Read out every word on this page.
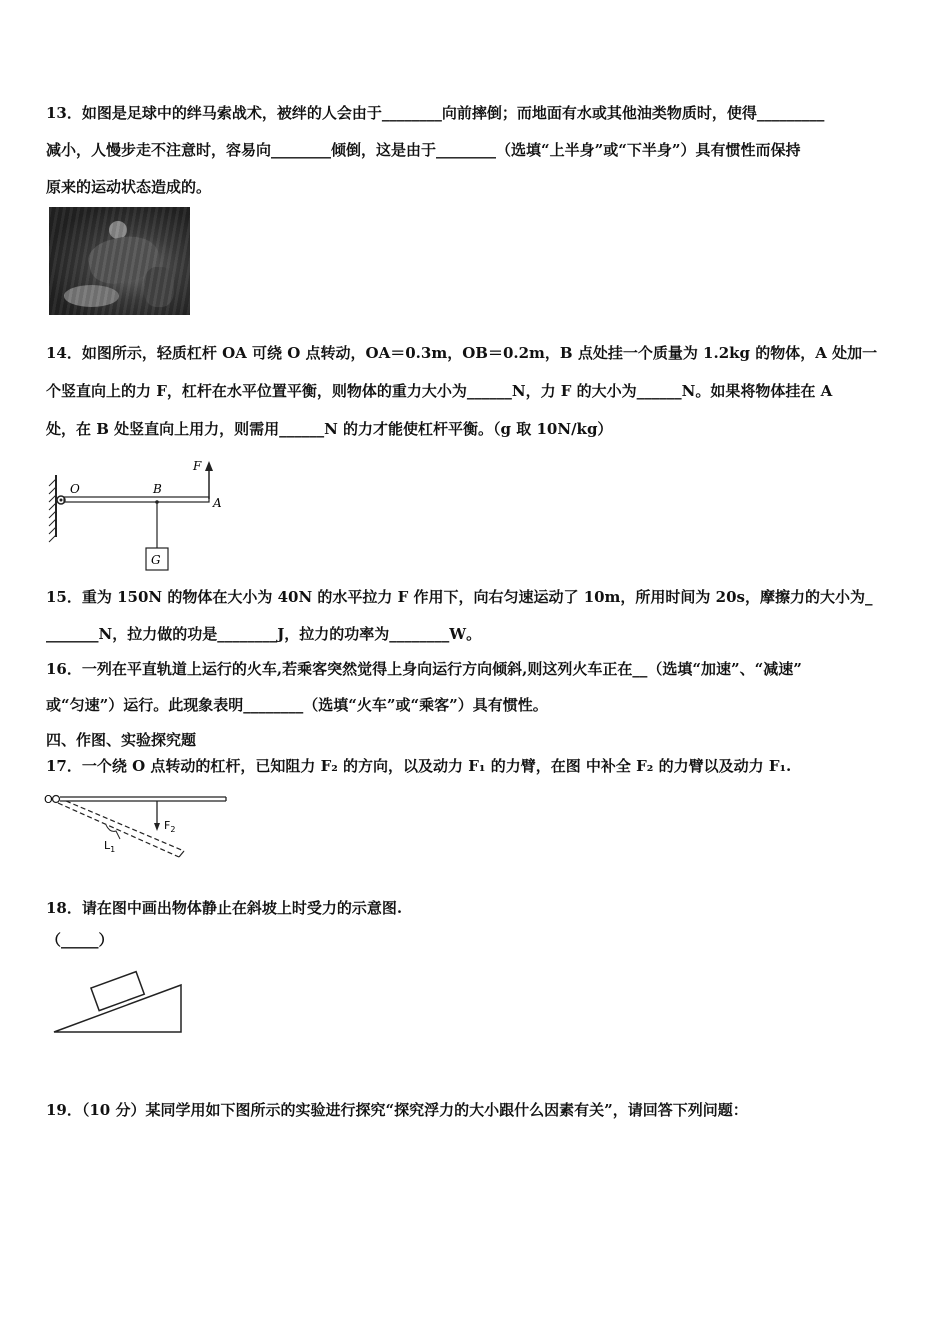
13．如图是足球中的绊马索战术，被绊的人会由于________向前摔倒；而地面有水或其他油类物质时，使得_________
减小，人慢步走不注意时，容易向________倾倒，这是由于________（选填“上半身”或“下半身”）具有惯性而保持
原来的运动状态造成的。
14．如图所示，轻质杠杆 OA 可绕 O 点转动，OA＝0.3m，OB＝0.2m，B 点处挂一个质量为 1.2kg 的物体，A 处加一
个竖直向上的力 F，杠杆在水平位置平衡，则物体的重力大小为______N，力 F 的大小为______N。如果将物体挂在 A
处，在 B 处竖直向上用力，则需用______N 的力才能使杠杆平衡。（g 取 10N/kg）
O	B
A
F
G
15．重为 150N 的物体在大小为 40N 的水平拉力 F 作用下，向右匀速运动了 10m，所用时间为 20s，摩擦力的大小为_
_______N，拉力做的功是________J，拉力的功率为________W。
16．一列在平直轨道上运行的火车,若乘客突然觉得上身向运行方向倾斜,则这列火车正在__（选填“加速”、“减速”
或“匀速”）运行。此现象表明________（选填“火车”或“乘客”）具有惯性。
四、作图、实验探究题
17．一个绕 O 点转动的杠杆，已知阻力 F₂ 的方向，以及动力 F₁ 的力臂，在图 中补全 F₂ 的力臂以及动力 F₁.
O
$F_2$
$L_1$
18．请在图中画出物体静止在斜坡上时受力的示意图.
（_____）
19．（10 分）某同学用如下图所示的实验进行探究“探究浮力的大小跟什么因素有关”，请回答下列问题：
